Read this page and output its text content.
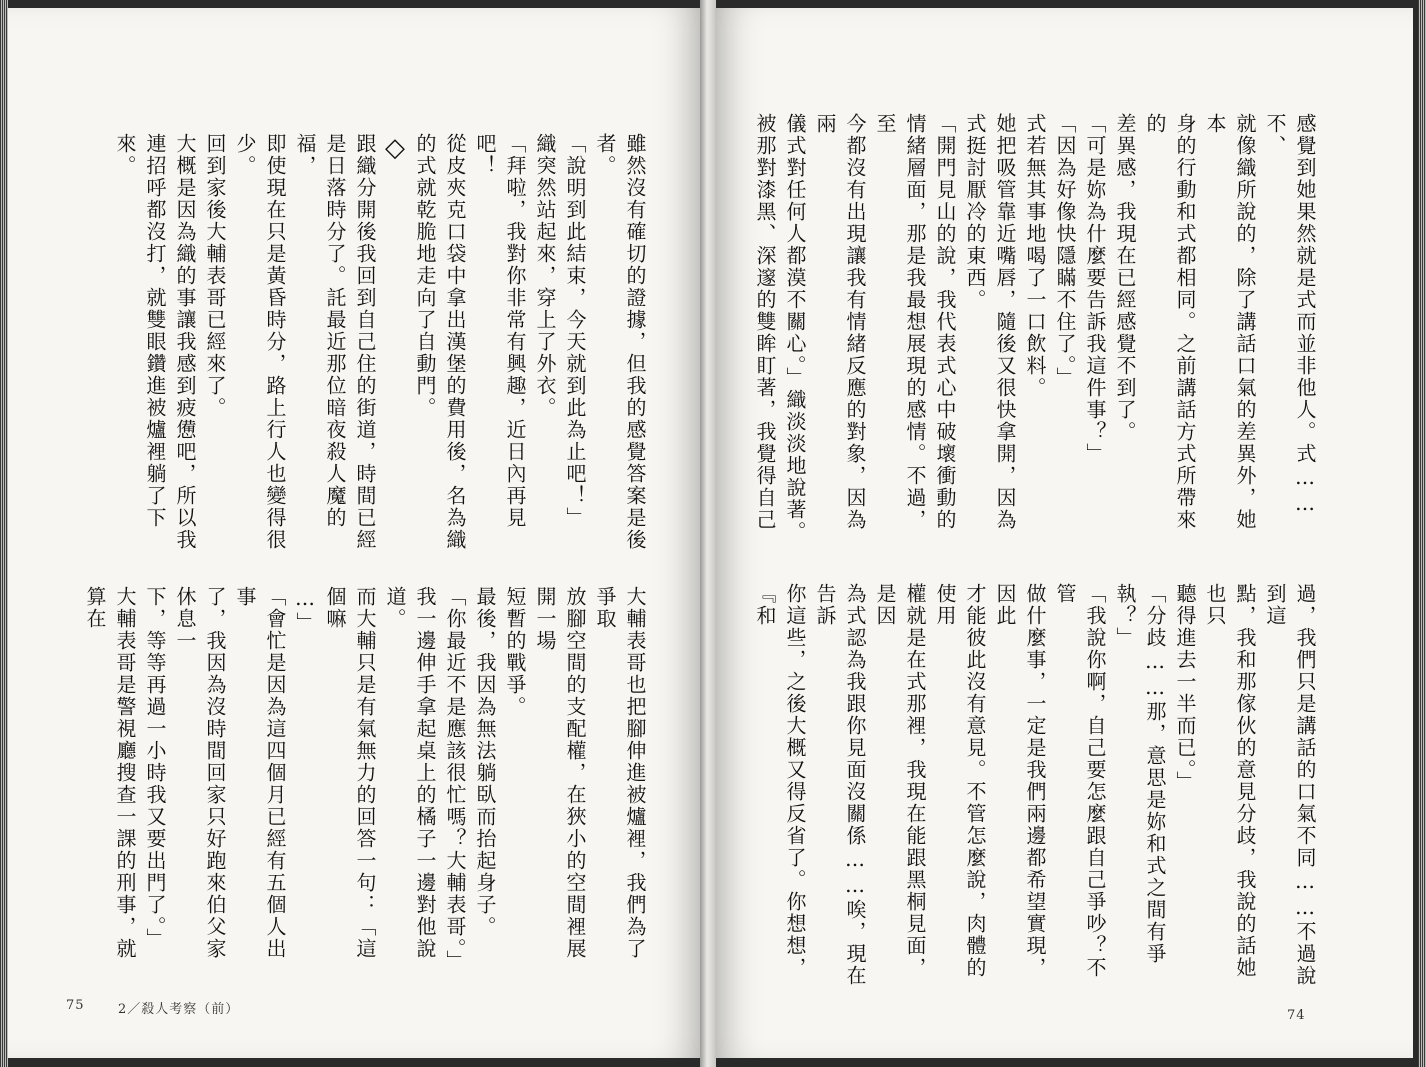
雖然沒有確切的證據，但我的感覺答案是後

者。

「說明到此結束，今天就到此為止吧！」

織突然站起來，穿上了外衣。

「拜啦，我對你非常有興趣，近日內再見

吧！

從皮夾克口袋中拿出漢堡的費用後，名為織

的式就乾脆地走向了自動門。

◇

跟織分開後我回到自己住的街道，時間已經

是日落時分了。託最近那位暗夜殺人魔的福，

即使現在只是黃昏時分，路上行人也變得很

少。

回到家後大輔表哥已經來了。

大概是因為織的事讓我感到疲憊吧，所以我

連招呼都沒打，就雙眼鑽進被爐裡躺了下來。

大輔表哥也把腳伸進被爐裡，我們為了爭取

放腳空間的支配權，在狹小的空間裡展開一場

短暫的戰爭。

最後，我因為無法躺臥而抬起身子。

「你最近不是應該很忙嗎？大輔表哥。」

我一邊伸手拿起桌上的橘子一邊對他說道。

而大輔只是有氣無力的回答一句：「這個嘛

…」

「會忙是因為這四個月已經有五個人出事

了，我因為沒時間回家只好跑來伯父家休息一

下，等等再過一小時我又要出門了。」

大輔表哥是警視廳搜查一課的刑事，就算在

75	2／殺人考察（前）

感覺到她果然就是式而並非他人。式……不、

就像織所說的，除了講話口氣的差異外，她本

身的行動和式都相同。之前講話方式所帶來的

差異感，我現在已經感覺不到了。

「可是妳為什麼要告訴我這件事？」

「因為好像快隱瞞不住了。」

式若無其事地喝了一口飲料。

她把吸管靠近嘴唇，隨後又很快拿開，因為

式挺討厭冷的東西。

「開門見山的說，我代表式心中破壞衝動的

情緒層面，那是我最想展現的感情。不過，至

今都沒有出現讓我有情緒反應的對象，因為兩

儀式對任何人都漠不關心。」織淡淡地說著。

被那對漆黑、深邃的雙眸盯著，我覺得自己

過，我們只是講話的口氣不同……不過說到這

點，我和那傢伙的意見分歧，我說的話她也只

聽得進去一半而已。」

「分歧……那，意思是妳和式之間有爭執？」

「我說你啊，自己要怎麼跟自己爭吵？不管

做什麼事，一定是我們兩邊都希望實現，因此

才能彼此沒有意見。不管怎麼說，肉體的使用

權就是在式那裡，我現在能跟黑桐見面，是因

為式認為我跟你見面沒關係……唉，現在告訴

你這些，之後大概又得反省了。你想想，『和

74
